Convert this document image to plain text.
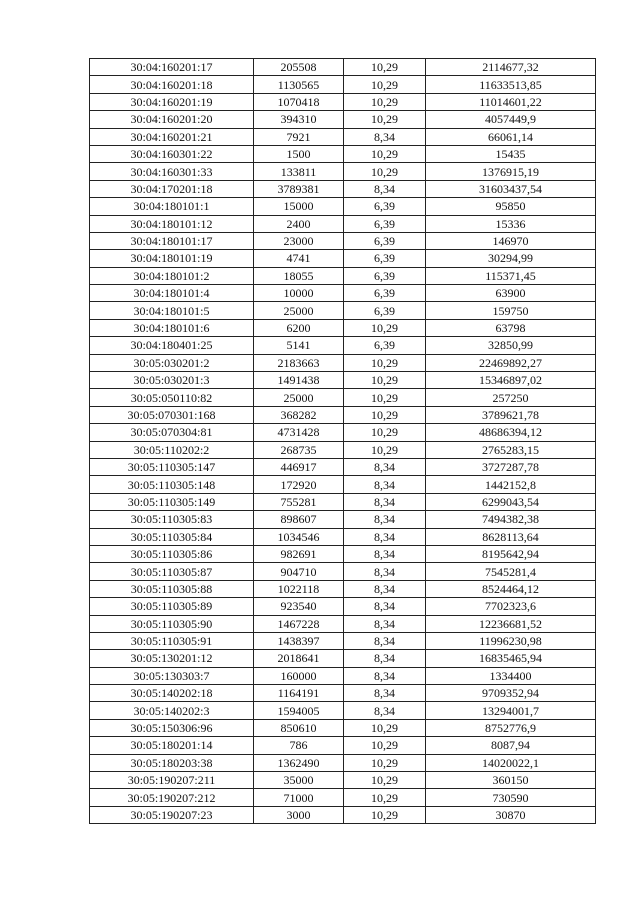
30:04:160201:17	205508	10,29	2114677,32
30:04:160201:18	1130565	10,29	11633513,85
30:04:160201:19	1070418	10,29	11014601,22
30:04:160201:20	394310	10,29	4057449,9
30:04:160201:21	7921	8,34	66061,14
30:04:160301:22	1500	10,29	15435
30:04:160301:33	133811	10,29	1376915,19
30:04:170201:18	3789381	8,34	31603437,54
30:04:180101:1	15000	6,39	95850
30:04:180101:12	2400	6,39	15336
30:04:180101:17	23000	6,39	146970
30:04:180101:19	4741	6,39	30294,99
30:04:180101:2	18055	6,39	115371,45
30:04:180101:4	10000	6,39	63900
30:04:180101:5	25000	6,39	159750
30:04:180101:6	6200	10,29	63798
30:04:180401:25	5141	6,39	32850,99
30:05:030201:2	2183663	10,29	22469892,27
30:05:030201:3	1491438	10,29	15346897,02
30:05:050110:82	25000	10,29	257250
30:05:070301:168	368282	10,29	3789621,78
30:05:070304:81	4731428	10,29	48686394,12
30:05:110202:2	268735	10,29	2765283,15
30:05:110305:147	446917	8,34	3727287,78
30:05:110305:148	172920	8,34	1442152,8
30:05:110305:149	755281	8,34	6299043,54
30:05:110305:83	898607	8,34	7494382,38
30:05:110305:84	1034546	8,34	8628113,64
30:05:110305:86	982691	8,34	8195642,94
30:05:110305:87	904710	8,34	7545281,4
30:05:110305:88	1022118	8,34	8524464,12
30:05:110305:89	923540	8,34	7702323,6
30:05:110305:90	1467228	8,34	12236681,52
30:05:110305:91	1438397	8,34	11996230,98
30:05:130201:12	2018641	8,34	16835465,94
30:05:130303:7	160000	8,34	1334400
30:05:140202:18	1164191	8,34	9709352,94
30:05:140202:3	1594005	8,34	13294001,7
30:05:150306:96	850610	10,29	8752776,9
30:05:180201:14	786	10,29	8087,94
30:05:180203:38	1362490	10,29	14020022,1
30:05:190207:211	35000	10,29	360150
30:05:190207:212	71000	10,29	730590
30:05:190207:23	3000	10,29	30870
